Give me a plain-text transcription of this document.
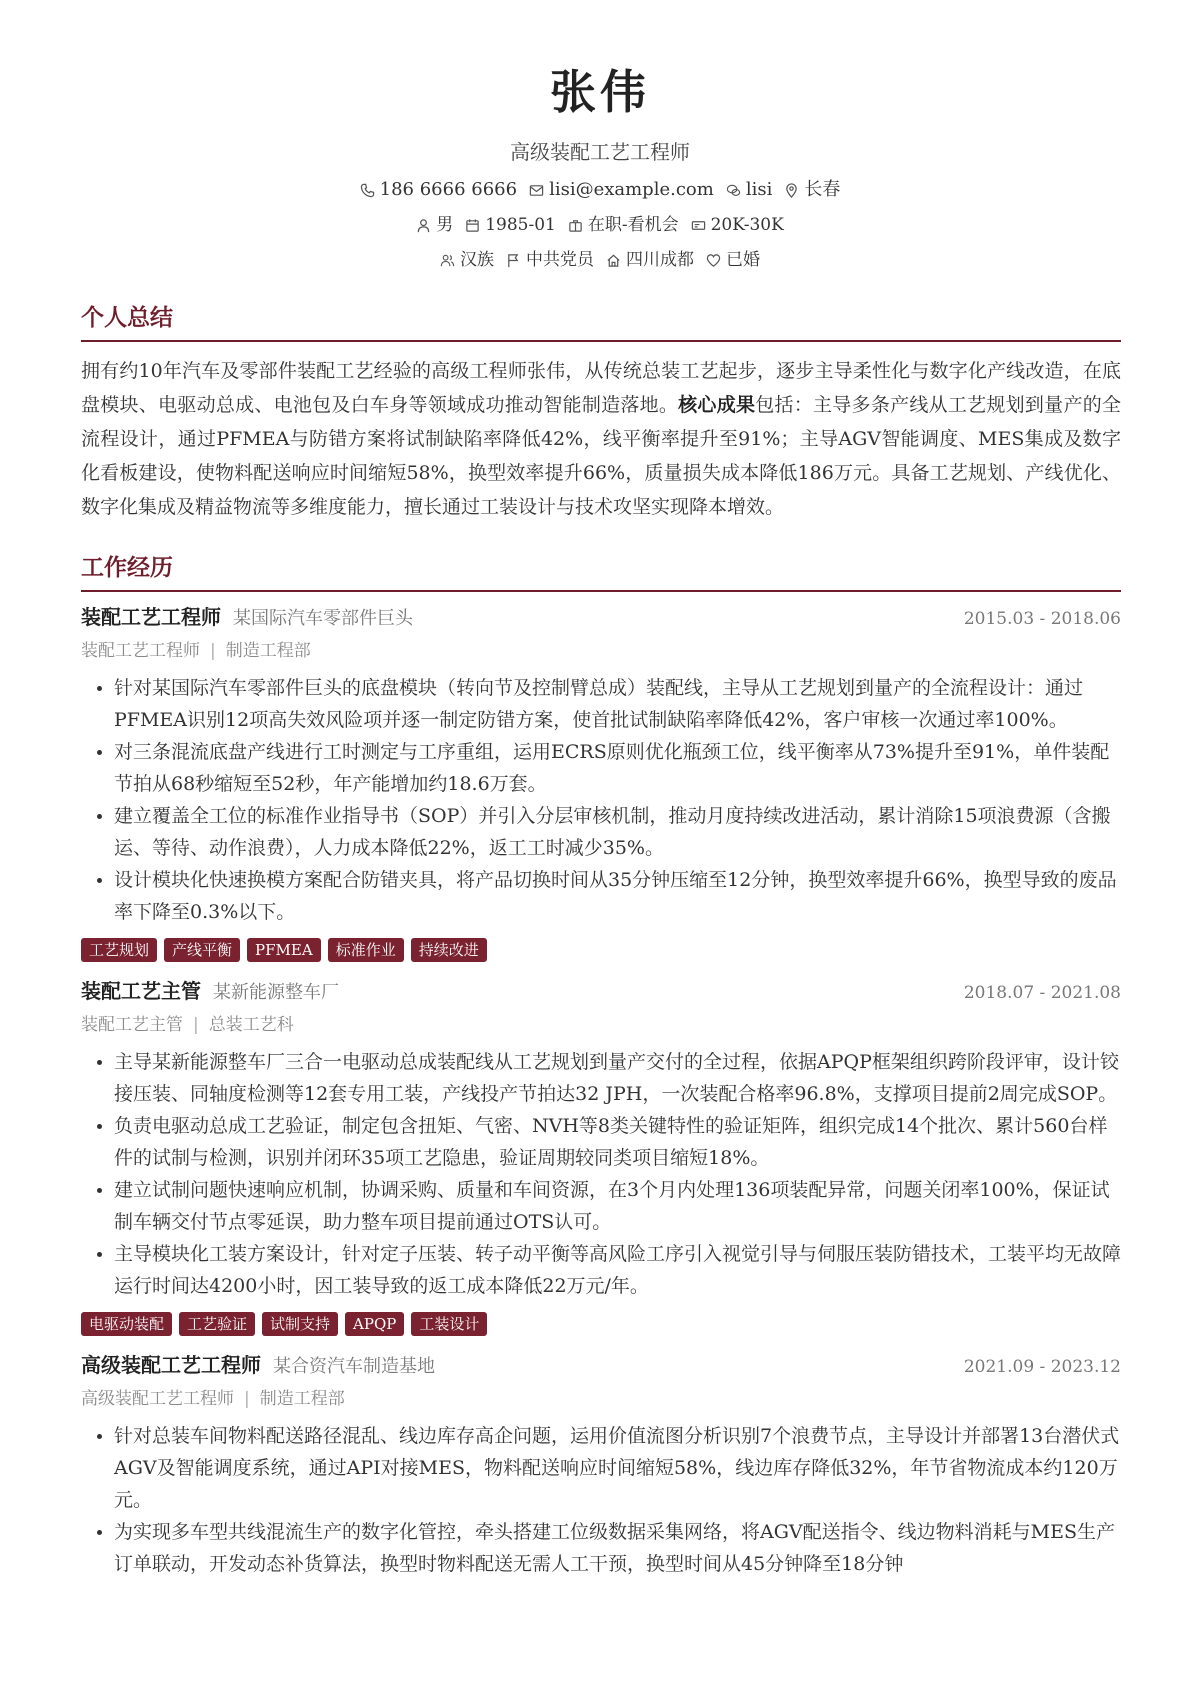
张伟
高级装配工艺工程师
186 6666 6666 lisi@example.com lisi 长春
男 1985-01 在职-看机会 20K-30K
汉族 中共党员 四川成都 已婚
个人总结
拥有约10年汽车及零部件装配工艺经验的高级工程师张伟，从传统总装工艺起步，逐步主导柔性化与数字化产线改造，在底盘模块、电驱动总成、电池包及白车身等领域成功推动智能制造落地。核心成果包括：主导多条产线从工艺规划到量产的全流程设计，通过PFMEA与防错方案将试制缺陷率降低42%，线平衡率提升至91%；主导AGV智能调度、MES集成及数字化看板建设，使物料配送响应时间缩短58%，换型效率提升66%，质量损失成本降低186万元。具备工艺规划、产线优化、数字化集成及精益物流等多维度能力，擅长通过工装设计与技术攻坚实现降本增效。
工作经历
装配工艺工程师 某国际汽车零部件巨头	2015.03 - 2018.06
装配工艺工程师 | 制造工程部
• 针对某国际汽车零部件巨头的底盘模块（转向节及控制臂总成）装配线，主导从工艺规划到量产的全流程设计：通过PFMEA识别12项高失效风险项并逐一制定防错方案，使首批试制缺陷率降低42%，客户审核一次通过率100%。
• 对三条混流底盘产线进行工时测定与工序重组，运用ECRS原则优化瓶颈工位，线平衡率从73%提升至91%，单件装配节拍从68秒缩短至52秒，年产能增加约18.6万套。
• 建立覆盖全工位的标准作业指导书（SOP）并引入分层审核机制，推动月度持续改进活动，累计消除15项浪费源（含搬运、等待、动作浪费），人力成本降低22%，返工工时减少35%。
• 设计模块化快速换模方案配合防错夹具，将产品切换时间从35分钟压缩至12分钟，换型效率提升66%，换型导致的废品率下降至0.3%以下。
工艺规划	产线平衡	PFMEA	标准作业	持续改进
装配工艺主管 某新能源整车厂	2018.07 - 2021.08
装配工艺主管 | 总装工艺科
• 主导某新能源整车厂三合一电驱动总成装配线从工艺规划到量产交付的全过程，依据APQP框架组织跨阶段评审，设计铰接压装、同轴度检测等12套专用工装，产线投产节拍达32 JPH，一次装配合格率96.8%，支撑项目提前2周完成SOP。
• 负责电驱动总成工艺验证，制定包含扭矩、气密、NVH等8类关键特性的验证矩阵，组织完成14个批次、累计560台样件的试制与检测，识别并闭环35项工艺隐患，验证周期较同类项目缩短18%。
• 建立试制问题快速响应机制，协调采购、质量和车间资源，在3个月内处理136项装配异常，问题关闭率100%，保证试制车辆交付节点零延误，助力整车项目提前通过OTS认可。
• 主导模块化工装方案设计，针对定子压装、转子动平衡等高风险工序引入视觉引导与伺服压装防错技术，工装平均无故障运行时间达4200小时，因工装导致的返工成本降低22万元/年。
电驱动装配	工艺验证	试制支持	APQP	工装设计
高级装配工艺工程师 某合资汽车制造基地	2021.09 - 2023.12
高级装配工艺工程师 | 制造工程部
• 针对总装车间物料配送路径混乱、线边库存高企问题，运用价值流图分析识别7个浪费节点，主导设计并部署13台潜伏式AGV及智能调度系统，通过API对接MES，物料配送响应时间缩短58%，线边库存降低32%，年节省物流成本约120万元。
• 为实现多车型共线混流生产的数字化管控，牵头搭建工位级数据采集网络，将AGV配送指令、线边物料消耗与MES生产订单联动，开发动态补货算法，换型时物料配送无需人工干预，换型时间从45分钟降至18分钟
